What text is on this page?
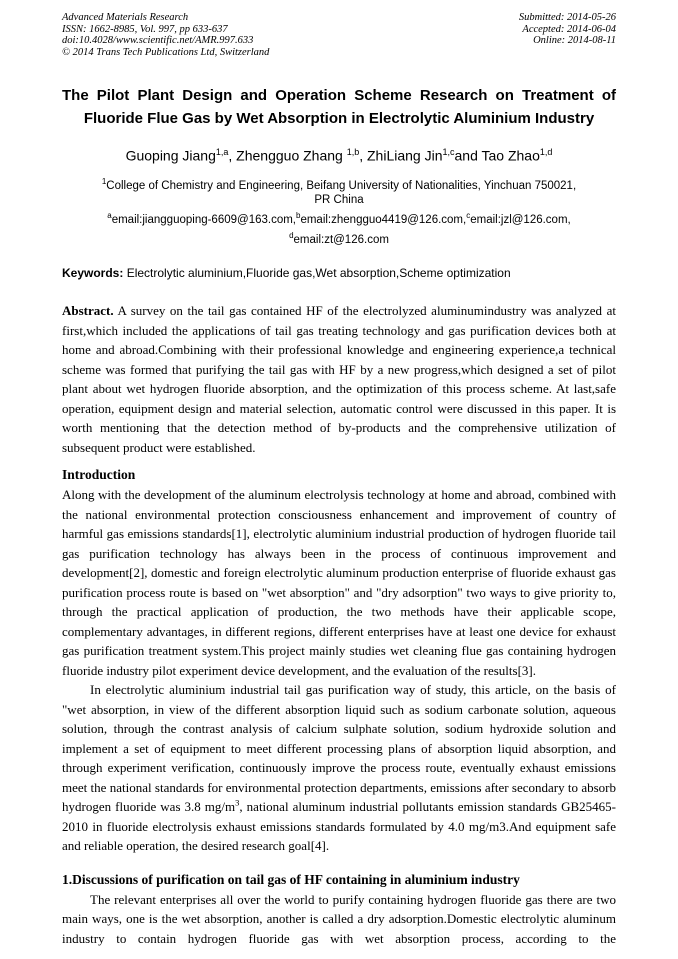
Advanced Materials Research
ISSN: 1662-8985, Vol. 997, pp 633-637
doi:10.4028/www.scientific.net/AMR.997.633
© 2014 Trans Tech Publications Ltd, Switzerland
Submitted: 2014-05-26
Accepted: 2014-06-04
Online: 2014-08-11
The Pilot Plant Design and Operation Scheme Research on Treatment of Fluoride Flue Gas by Wet Absorption in Electrolytic Aluminium Industry
Guoping Jiang$^{1,a}$, Zhengguo Zhang $^{1,b}$, ZhiLiang Jin$^{1,c}$and Tao Zhao$^{1,d}$
$^1$College of Chemistry and Engineering, Beifang University of Nationalities, Yinchuan 750021,
PR China
$^a$email:jiangguoping-6609@163.com,$^b$email:zhengguo4419@126.com,$^c$email:jzl@126.com,
$^d$email:zt@126.com

Keywords: Electrolytic aluminium,Fluoride gas,Wet absorption,Scheme optimization

Abstract. A survey on the tail gas contained HF of the electrolyzed aluminumindustry was analyzed at first,which included the applications of tail gas treating technology and gas purification devices both at home and abroad.Combining with their professional knowledge and engineering experience,a technical scheme was formed that purifying the tail gas with HF by a new progress,which designed a set of pilot plant about wet hydrogen fluoride absorption, and the optimization of this process scheme. At last,safe operation, equipment design and material selection, automatic control were discussed in this paper. It is worth mentioning that the detection method of by-products and the comprehensive utilization of subsequent product were established.

Introduction

Along with the development of the aluminum electrolysis technology at home and abroad, combined with the national environmental protection consciousness enhancement and improvement of country of harmful gas emissions standards[1], electrolytic aluminium industrial production of hydrogen fluoride tail gas purification technology has always been in the process of continuous improvement and development[2], domestic and foreign electrolytic aluminum production enterprise of fluoride exhaust gas purification process route is based on "wet absorption" and "dry adsorption" two ways to give priority to, through the practical application of production, the two methods have their applicable scope, complementary advantages, in different regions, different enterprises have at least one device for exhaust gas purification treatment system.This project mainly studies wet cleaning flue gas containing hydrogen fluoride industry pilot experiment device development, and the evaluation of the results[3].

In electrolytic aluminium industrial tail gas purification way of study, this article, on the basis of "wet absorption, in view of the different absorption liquid such as sodium carbonate solution, aqueous solution, through the contrast analysis of calcium sulphate solution, sodium hydroxide solution and implement a set of equipment to meet different processing plans of absorption liquid absorption, and through experiment verification, continuously improve the process route, eventually exhaust emissions meet the national standards for environmental protection departments, emissions after secondary to absorb hydrogen fluoride was 3.8 $mg/m^3$, national aluminum industrial pollutants emission standards GB25465-2010 in fluoride electrolysis exhaust emissions standards formulated by 4.0 mg/m3.And equipment safe and reliable operation, the desired research goal[4].

1.Discussions of purification on tail gas of HF containing in aluminium industry

The relevant enterprises all over the world to purify containing hydrogen fluoride gas there are two main ways, one is the wet absorption, another is called a dry adsorption.Domestic electrolytic aluminum industry to contain hydrogen fluoride gas with wet absorption process, according to the
